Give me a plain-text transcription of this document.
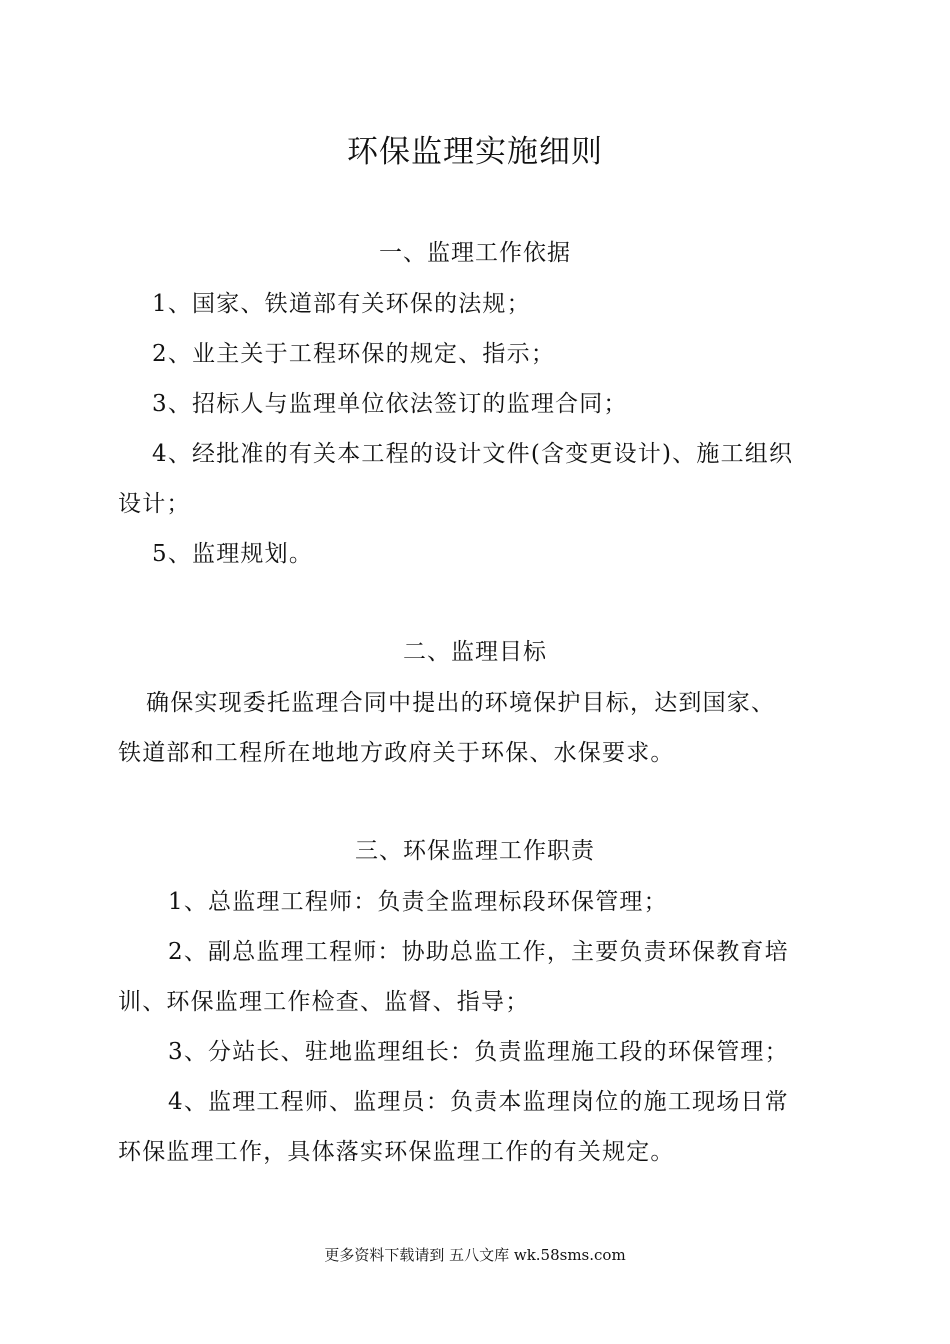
环保监理实施细则
一、监理工作依据
1、国家、铁道部有关环保的法规；
2、业主关于工程环保的规定、指示；
3、招标人与监理单位依法签订的监理合同；
4、经批准的有关本工程的设计文件(含变更设计)、施工组织
设计；
5、监理规划。
二、监理目标
确保实现委托监理合同中提出的环境保护目标，达到国家、
铁道部和工程所在地地方政府关于环保、水保要求。
三、环保监理工作职责
1、总监理工程师：负责全监理标段环保管理；
2、副总监理工程师：协助总监工作，主要负责环保教育培
训、环保监理工作检查、监督、指导；
3、分站长、驻地监理组长：负责监理施工段的环保管理；
4、监理工程师、监理员：负责本监理岗位的施工现场日常
环保监理工作，具体落实环保监理工作的有关规定。
更多资料下载请到 五八文库 wk.58sms.com
